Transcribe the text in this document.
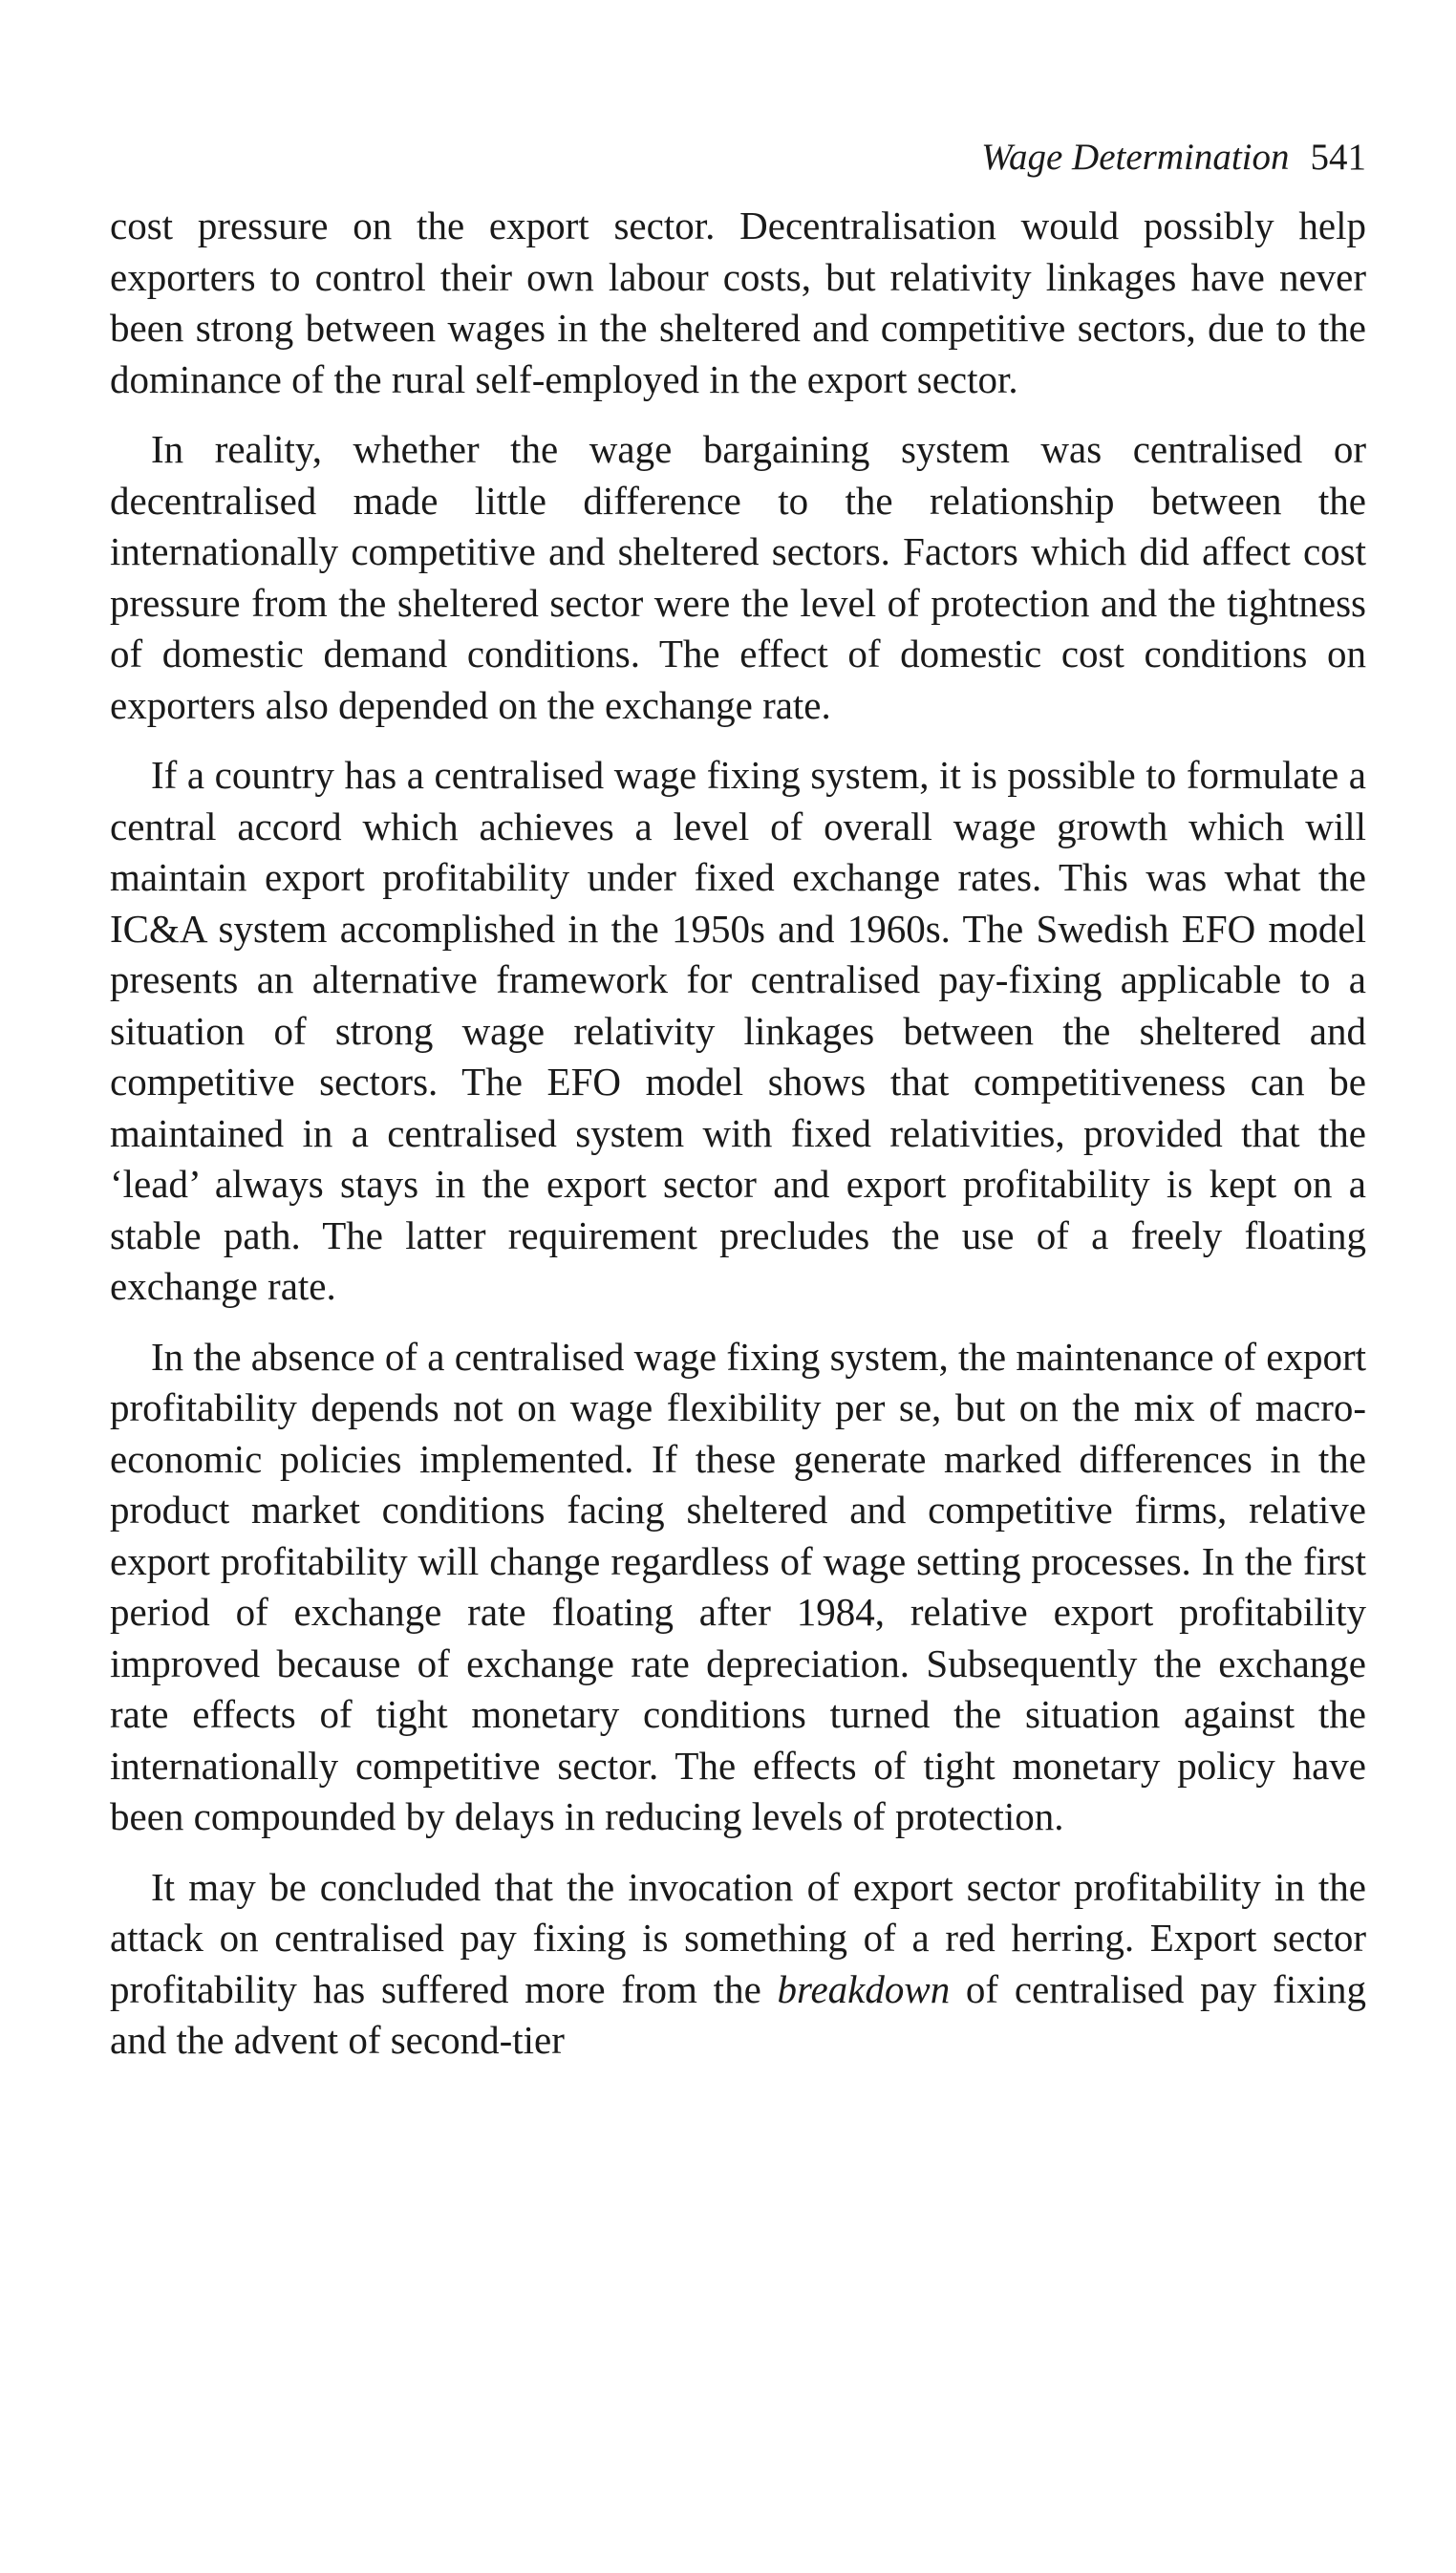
Wage Determination 541

cost pressure on the export sector. Decentralisation would possibly help exporters to control their own labour costs, but relativity linkages have never been strong between wages in the sheltered and competitive sectors, due to the dominance of the rural self-employed in the export sector.

In reality, whether the wage bargaining system was centralised or decentralised made little difference to the relationship between the internationally competitive and sheltered sectors. Factors which did affect cost pressure from the sheltered sector were the level of protection and the tightness of domestic demand conditions. The effect of domestic cost conditions on exporters also depended on the exchange rate.

If a country has a centralised wage fixing system, it is possible to formulate a central accord which achieves a level of overall wage growth which will maintain export profitability under fixed exchange rates. This was what the IC&A system accomplished in the 1950s and 1960s. The Swedish EFO model presents an alternative framework for centralised pay-fixing applicable to a situation of strong wage relativity linkages between the sheltered and competitive sectors. The EFO model shows that competitiveness can be maintained in a centralised system with fixed relativities, provided that the ‘lead’ always stays in the export sector and export profitability is kept on a stable path. The latter requirement precludes the use of a freely floating exchange rate.

In the absence of a centralised wage fixing system, the maintenance of export profitability depends not on wage flexibility per se, but on the mix of macro-economic policies implemented. If these generate marked differences in the product market conditions facing sheltered and competitive firms, relative export profitability will change regardless of wage setting processes. In the first period of exchange rate floating after 1984, relative export profitability improved because of exchange rate depreciation. Subsequently the exchange rate effects of tight monetary conditions turned the situation against the internationally competitive sector. The effects of tight monetary policy have been compounded by delays in reducing levels of protection.

It may be concluded that the invocation of export sector profitability in the attack on centralised pay fixing is something of a red herring. Export sector profitability has suffered more from the breakdown of centralised pay fixing and the advent of second-tier
